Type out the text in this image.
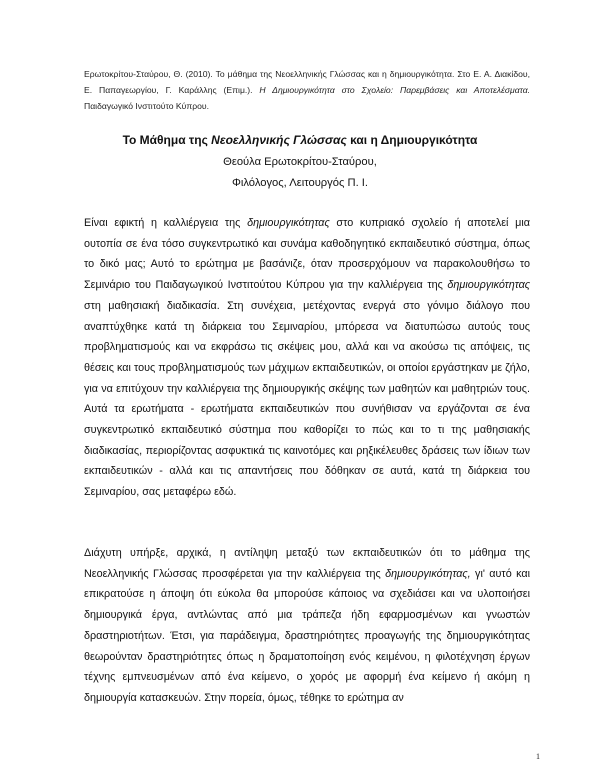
Ερωτοκρίτου-Σταύρου, Θ. (2010). Το μάθημα της Νεοελληνικής Γλώσσας και η δημιουργικότητα. Στο Ε. Α. Διακίδου, Ε. Παπαγεωργίου, Γ. Καράλλης (Επιμ.). Η Δημιουργικότητα στο Σχολείο: Παρεμβάσεις και Αποτελέσματα. Παιδαγωγικό Ινστιτούτο Κύπρου.
Το Μάθημα της Νεοελληνικής Γλώσσας και η Δημιουργικότητα
Θεούλα Ερωτοκρίτου-Σταύρου,
Φιλόλογος, Λειτουργός Π. Ι.
Είναι εφικτή η καλλιέργεια της δημιουργικότητας στο κυπριακό σχολείο ή αποτελεί μια ουτοπία σε ένα τόσο συγκεντρωτικό και συνάμα καθοδηγητικό εκπαιδευτικό σύστημα, όπως το δικό μας; Αυτό το ερώτημα με βασάνιζε, όταν προσερχόμουν να παρακολουθήσω το Σεμινάριο του Παιδαγωγικού Ινστιτούτου Κύπρου για την καλλιέργεια της δημιουργικότητας στη μαθησιακή διαδικασία. Στη συνέχεια, μετέχοντας ενεργά στο γόνιμο διάλογο που αναπτύχθηκε κατά τη διάρκεια του Σεμιναρίου, μπόρεσα να διατυπώσω αυτούς τους προβληματισμούς και να εκφράσω τις σκέψεις μου, αλλά και να ακούσω τις απόψεις, τις θέσεις και τους προβληματισμούς των μάχιμων εκπαιδευτικών, οι οποίοι εργάστηκαν με ζήλο, για να επιτύχουν την καλλιέργεια της δημιουργικής σκέψης των μαθητών και μαθητριών τους. Αυτά τα ερωτήματα - ερωτήματα εκπαιδευτικών που συνήθισαν να εργάζονται σε ένα συγκεντρωτικό εκπαιδευτικό σύστημα που καθορίζει το πώς και το τι της μαθησιακής διαδικασίας, περιορίζοντας ασφυκτικά τις καινοτόμες και ρηξικέλευθες δράσεις των ίδιων των εκπαιδευτικών - αλλά και τις απαντήσεις που δόθηκαν σε αυτά, κατά τη διάρκεια του Σεμιναρίου, σας μεταφέρω εδώ.
Διάχυτη υπήρξε, αρχικά, η αντίληψη μεταξύ των εκπαιδευτικών ότι το μάθημα της Νεοελληνικής Γλώσσας προσφέρεται για την καλλιέργεια της δημιουργικότητας, γι' αυτό και επικρατούσε η άποψη ότι εύκολα θα μπορούσε κάποιος να σχεδιάσει και να υλοποιήσει δημιουργικά έργα, αντλώντας από μια τράπεζα ήδη εφαρμοσμένων και γνωστών δραστηριοτήτων. Έτσι, για παράδειγμα, δραστηριότητες προαγωγής της δημιουργικότητας θεωρούνταν δραστηριότητες όπως η δραματοποίηση ενός κειμένου, η φιλοτέχνηση έργων τέχνης εμπνευσμένων από ένα κείμενο, ο χορός με αφορμή ένα κείμενο ή ακόμη η δημιουργία κατασκευών. Στην πορεία, όμως, τέθηκε το ερώτημα αν
1
